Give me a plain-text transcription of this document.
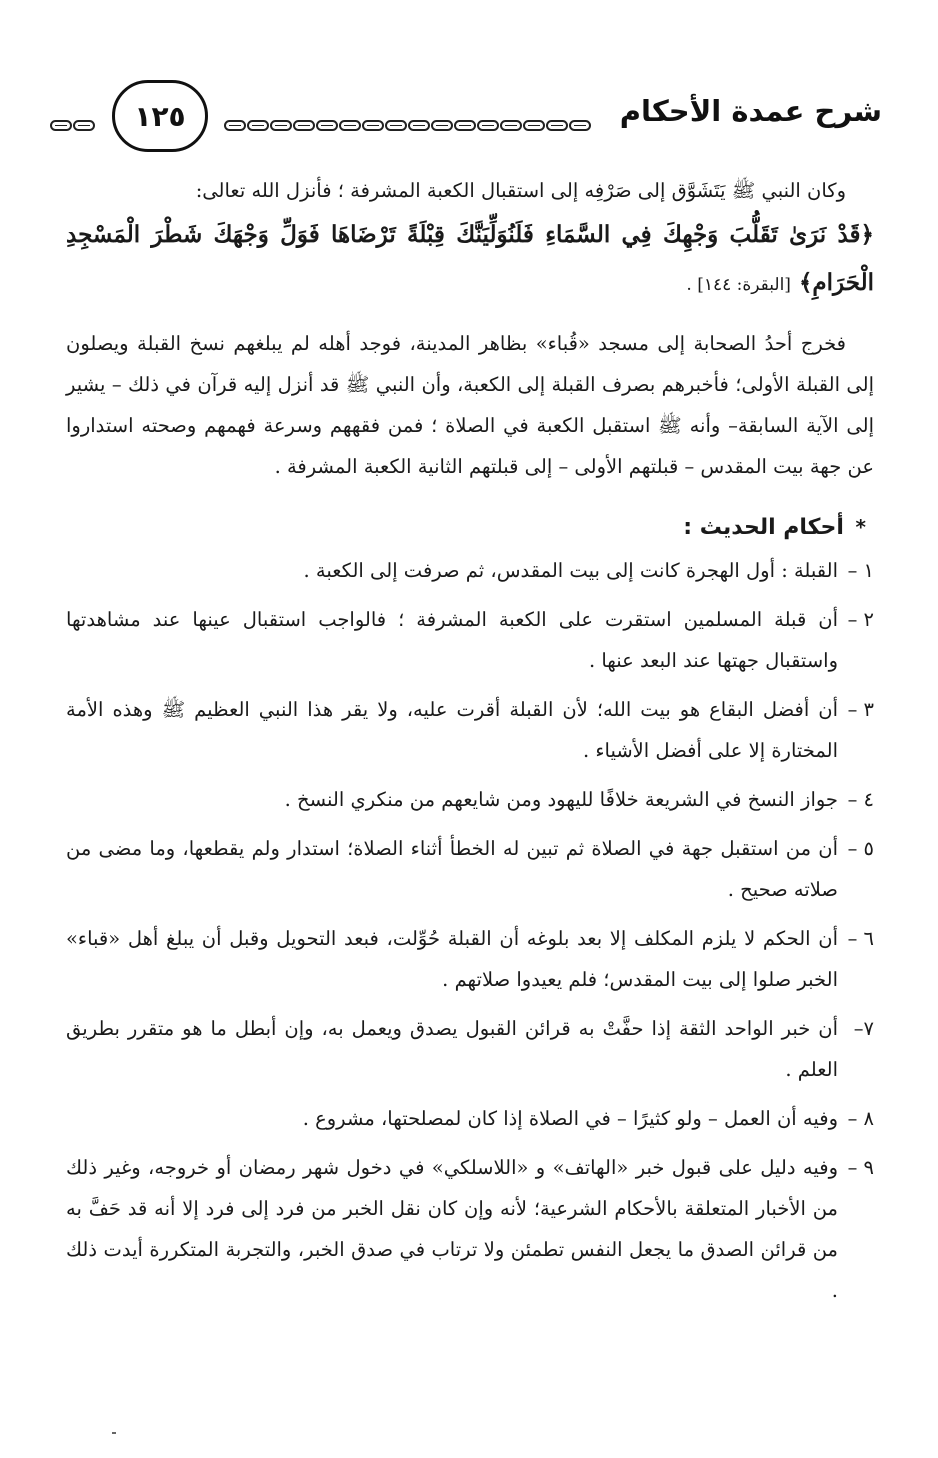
شرح عمدة الأحكام
١٢٥

وكان النبي ﷺ يَتَشَوَّق إلى صَرْفِه إلى استقبال الكعبة المشرفة ؛ فأنزل الله تعالى:

﴿قَدْ نَرَىٰ تَقَلُّبَ وَجْهِكَ فِي السَّمَاءِ فَلَنُوَلِّيَنَّكَ قِبْلَةً تَرْضَاهَا فَوَلِّ وَجْهَكَ شَطْرَ الْمَسْجِدِ الْحَرَامِ﴾ [البقرة: ١٤٤] .

فخرج أحدُ الصحابة إلى مسجد «قُباء» بظاهر المدينة، فوجد أهله لم يبلغهم نسخ القبلة ويصلون إلى القبلة الأولى؛ فأخبرهم بصرف القبلة إلى الكعبة، وأن النبي ﷺ قد أنزل إليه قرآن في ذلك – يشير إلى الآية السابقة– وأنه ﷺ استقبل الكعبة في الصلاة ؛ فمن فقههم وسرعة فهمهم وصحته استداروا عن جهة بيت المقدس – قبلتهم الأولى – إلى قبلتهم الثانية الكعبة المشرفة .

* أحكام الحديث :

١ –
القبلة : أول الهجرة كانت إلى بيت المقدس، ثم صرفت إلى الكعبة .
٢ –
أن قبلة المسلمين استقرت على الكعبة المشرفة ؛ فالواجب استقبال عينها عند مشاهدتها واستقبال جهتها عند البعد عنها .
٣ –
أن أفضل البقاع هو بيت الله؛ لأن القبلة أقرت عليه، ولا يقر هذا النبي العظيم ﷺ وهذه الأمة المختارة إلا على أفضل الأشياء .
٤ –
جواز النسخ في الشريعة خلافًا لليهود ومن شايعهم من منكري النسخ .
٥ –
أن من استقبل جهة في الصلاة ثم تبين له الخطأ أثناء الصلاة؛ استدار ولم يقطعها، وما مضى من صلاته صحيح .
٦ –
أن الحكم لا يلزم المكلف إلا بعد بلوغه أن القبلة حُوِّلت، فبعد التحويل وقبل أن يبلغ أهل «قباء» الخبر صلوا إلى بيت المقدس؛ فلم يعيدوا صلاتهم .
٧–
أن خبر الواحد الثقة إذا حفَّتْ به قرائن القبول يصدق ويعمل به، وإن أبطل ما هو متقرر بطريق العلم .
٨ –
وفيه أن العمل – ولو كثيرًا – في الصلاة إذا كان لمصلحتها، مشروع .
٩ –
وفيه دليل على قبول خبر «الهاتف» و «اللاسلكي» في دخول شهر رمضان أو خروجه، وغير ذلك من الأخبار المتعلقة بالأحكام الشرعية؛ لأنه وإن كان نقل الخبر من فرد إلى فرد إلا أنه قد حَفَّ به من قرائن الصدق ما يجعل النفس تطمئن ولا ترتاب في صدق الخبر، والتجربة المتكررة أيدت ذلك .
